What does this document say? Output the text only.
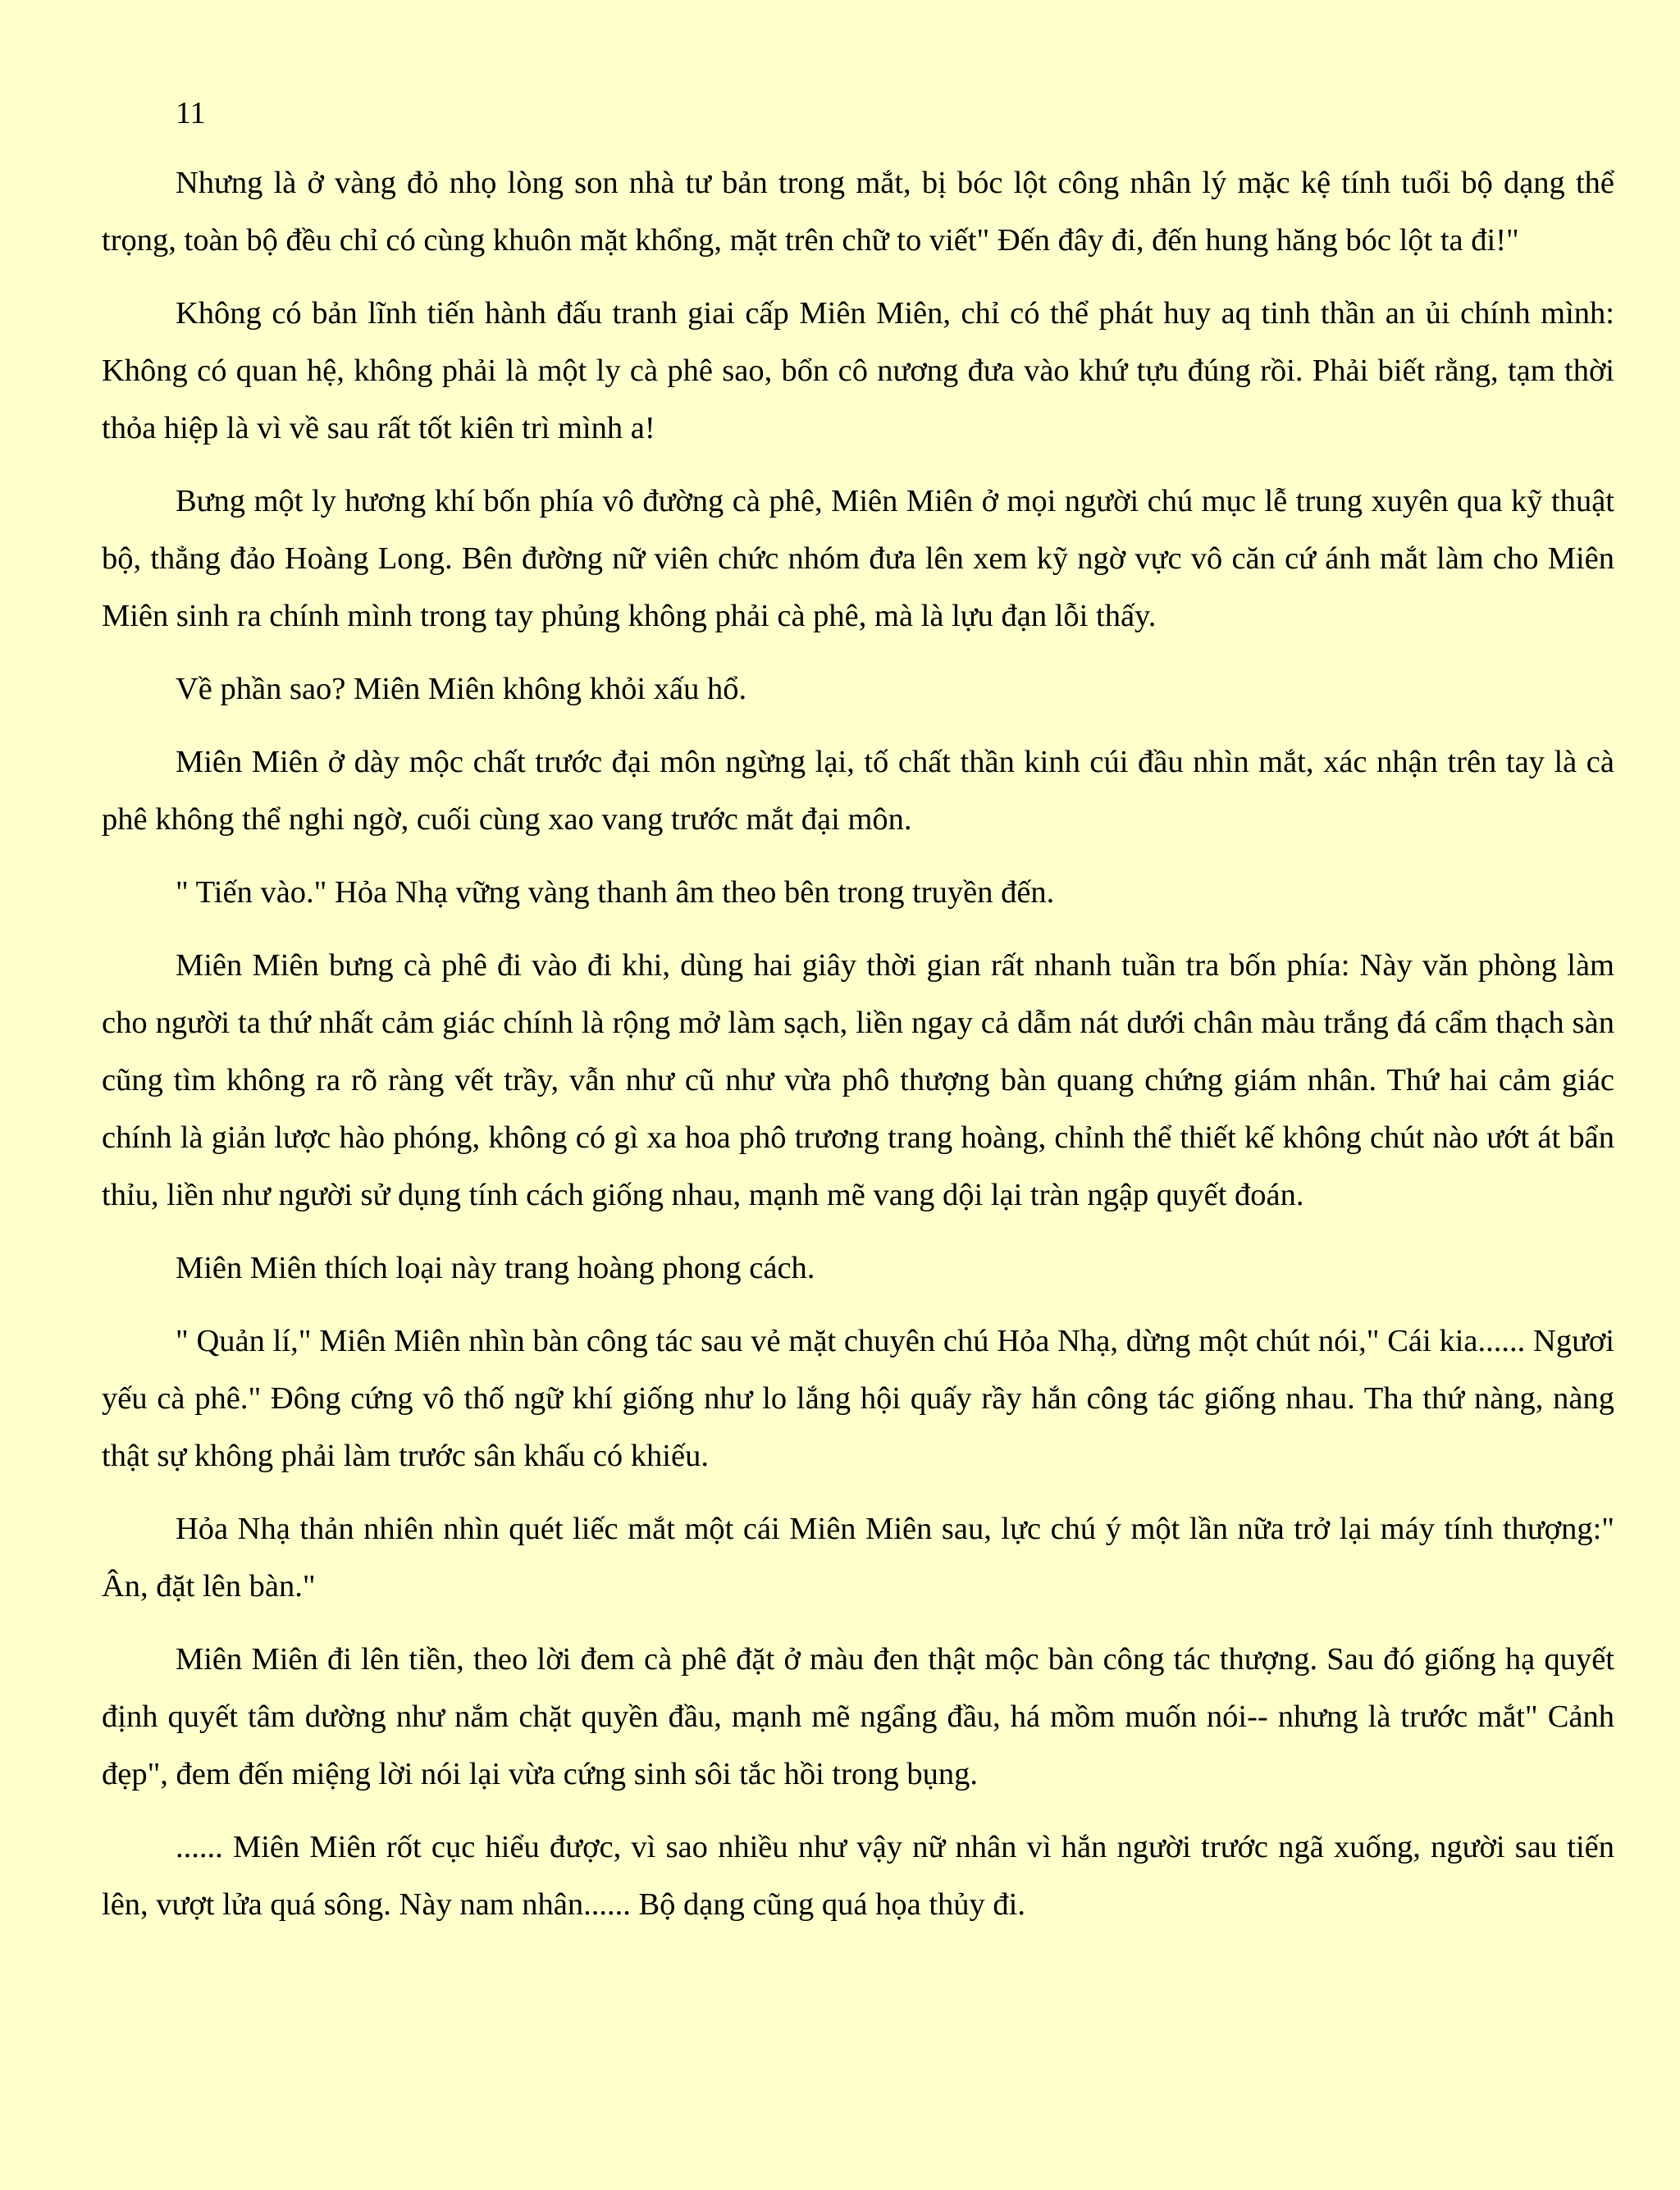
11

Nhưng là ở vàng đỏ nhọ lòng son nhà tư bản trong mắt, bị bóc lột công nhân lý mặc kệ tính tuổi bộ dạng thể trọng, toàn bộ đều chỉ có cùng khuôn mặt khổng, mặt trên chữ to viết" Đến đây đi, đến hung hăng bóc lột ta đi!"

Không có bản lĩnh tiến hành đấu tranh giai cấp Miên Miên, chỉ có thể phát huy aq tinh thần an ủi chính mình: Không có quan hệ, không phải là một ly cà phê sao, bổn cô nương đưa vào khứ tựu đúng rồi. Phải biết rằng, tạm thời thỏa hiệp là vì về sau rất tốt kiên trì mình a!

Bưng một ly hương khí bốn phía vô đường cà phê, Miên Miên ở mọi người chú mục lễ trung xuyên qua kỹ thuật bộ, thẳng đảo Hoàng Long. Bên đường nữ viên chức nhóm đưa lên xem kỹ ngờ vực vô căn cứ ánh mắt làm cho Miên Miên sinh ra chính mình trong tay phủng không phải cà phê, mà là lựu đạn lỗi thấy.

Về phần sao? Miên Miên không khỏi xấu hổ.

Miên Miên ở dày mộc chất trước đại môn ngừng lại, tố chất thần kinh cúi đầu nhìn mắt, xác nhận trên tay là cà phê không thể nghi ngờ, cuối cùng xao vang trước mắt đại môn.

" Tiến vào." Hỏa Nhạ vững vàng thanh âm theo bên trong truyền đến.

Miên Miên bưng cà phê đi vào đi khi, dùng hai giây thời gian rất nhanh tuần tra bốn phía: Này văn phòng làm cho người ta thứ nhất cảm giác chính là rộng mở làm sạch, liền ngay cả dẫm nát dưới chân màu trắng đá cẩm thạch sàn cũng tìm không ra rõ ràng vết trầy, vẫn như cũ như vừa phô thượng bàn quang chứng giám nhân. Thứ hai cảm giác chính là giản lược hào phóng, không có gì xa hoa phô trương trang hoàng, chỉnh thể thiết kế không chút nào ướt át bẩn thỉu, liền như người sử dụng tính cách giống nhau, mạnh mẽ vang dội lại tràn ngập quyết đoán.

Miên Miên thích loại này trang hoàng phong cách.

" Quản lí," Miên Miên nhìn bàn công tác sau vẻ mặt chuyên chú Hỏa Nhạ, dừng một chút nói," Cái kia...... Ngươi yếu cà phê." Đông cứng vô thố ngữ khí giống như lo lắng hội quấy rầy hắn công tác giống nhau. Tha thứ nàng, nàng thật sự không phải làm trước sân khấu có khiếu.

Hỏa Nhạ thản nhiên nhìn quét liếc mắt một cái Miên Miên sau, lực chú ý một lần nữa trở lại máy tính thượng:" Ân, đặt lên bàn."

Miên Miên đi lên tiền, theo lời đem cà phê đặt ở màu đen thật mộc bàn công tác thượng. Sau đó giống hạ quyết định quyết tâm dường như nắm chặt quyền đầu, mạnh mẽ ngẩng đầu, há mồm muốn nói-- nhưng là trước mắt" Cảnh đẹp", đem đến miệng lời nói lại vừa cứng sinh sôi tắc hồi trong bụng.

...... Miên Miên rốt cục hiểu được, vì sao nhiều như vậy nữ nhân vì hắn người trước ngã xuống, người sau tiến lên, vượt lửa quá sông. Này nam nhân...... Bộ dạng cũng quá họa thủy đi.
